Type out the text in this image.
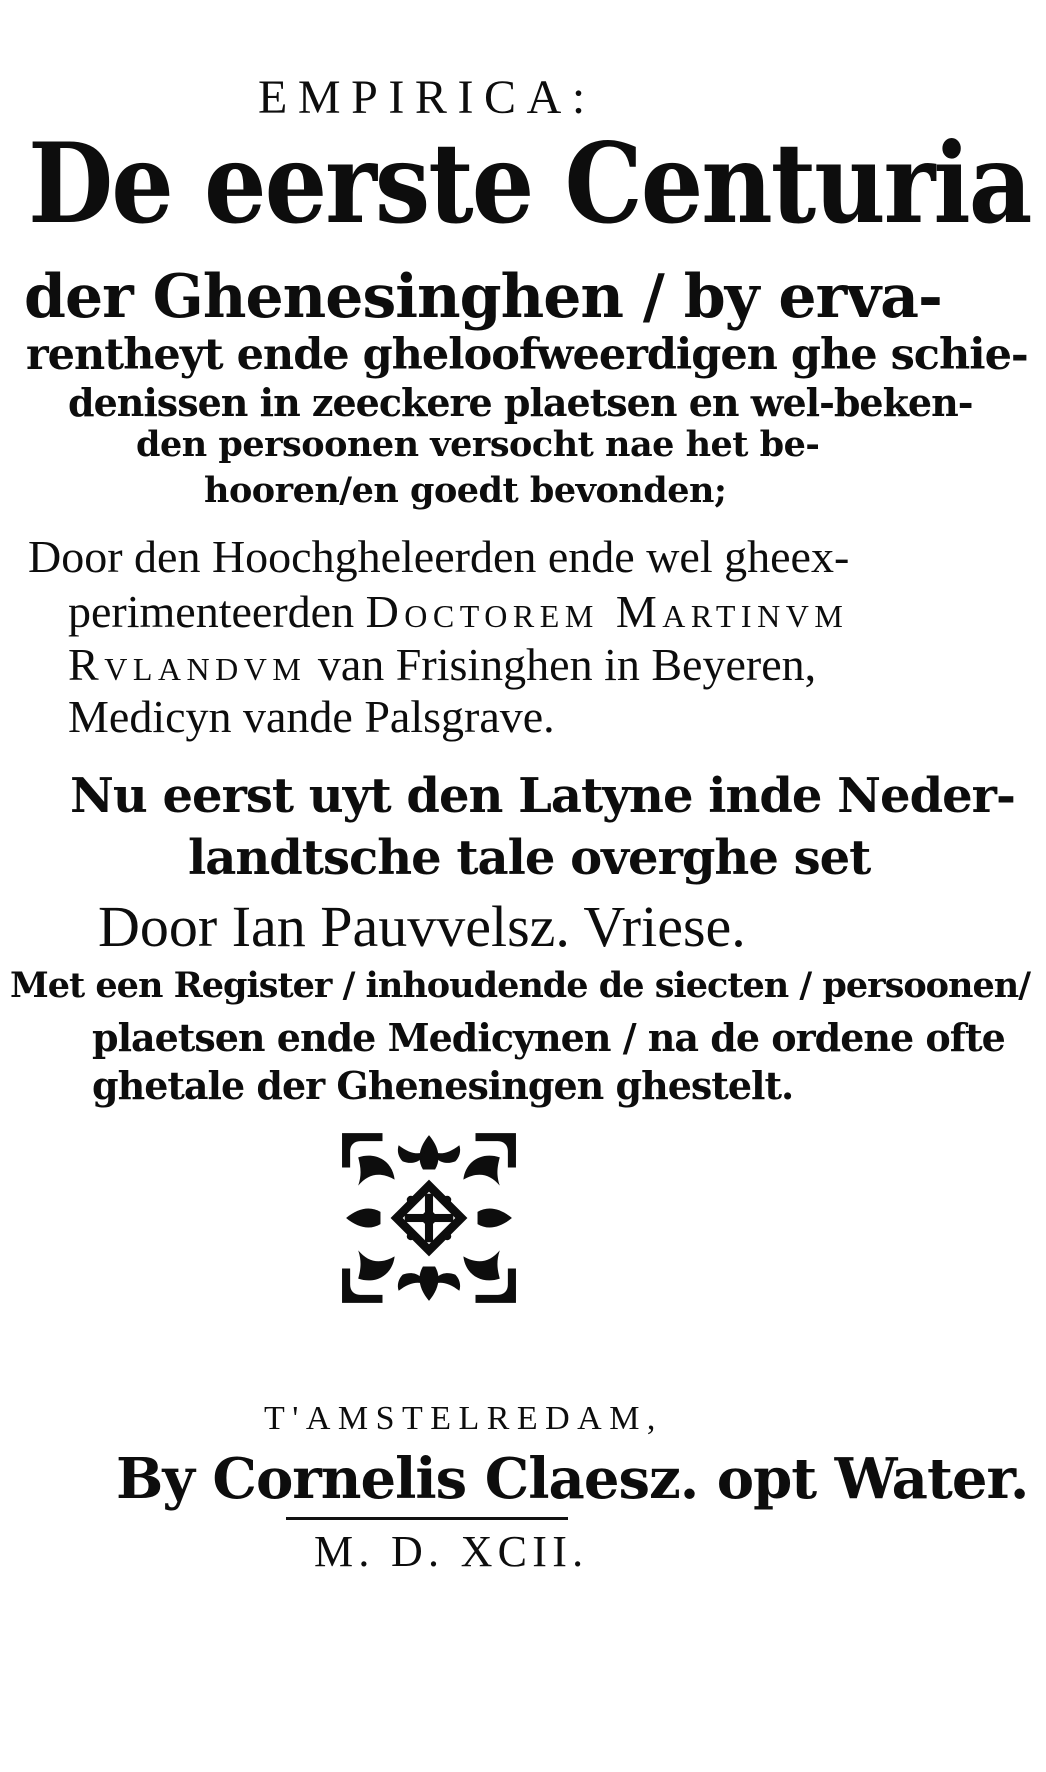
EMPIRICA:
De eerste Centuria
der Ghenesinghen / by erva-
rentheyt ende gheloofweerdigen ghe schie-
denissen in zeeckere plaetsen en wel-beken-
den persoonen versocht nae het be-
hooren/en goedt bevonden;
Door den Hoochgheleerden ende wel gheex-
perimenteerden Doctorem Martinvm
Rvlandvm van Frisinghen in Beyeren,
Medicyn vande Palsgrave.
Nu eerst uyt den Latyne inde Neder-
landtsche tale overghe set
Door Ian Pauvvelsz. Vriese.
Met een Register / inhoudende de siecten / persoonen/
plaetsen ende Medicynen / na de ordene ofte
ghetale der Ghenesingen ghestelt.
T'AMSTELREDAM,
By Cornelis Claesz. opt Water.
M. D. XCII.
